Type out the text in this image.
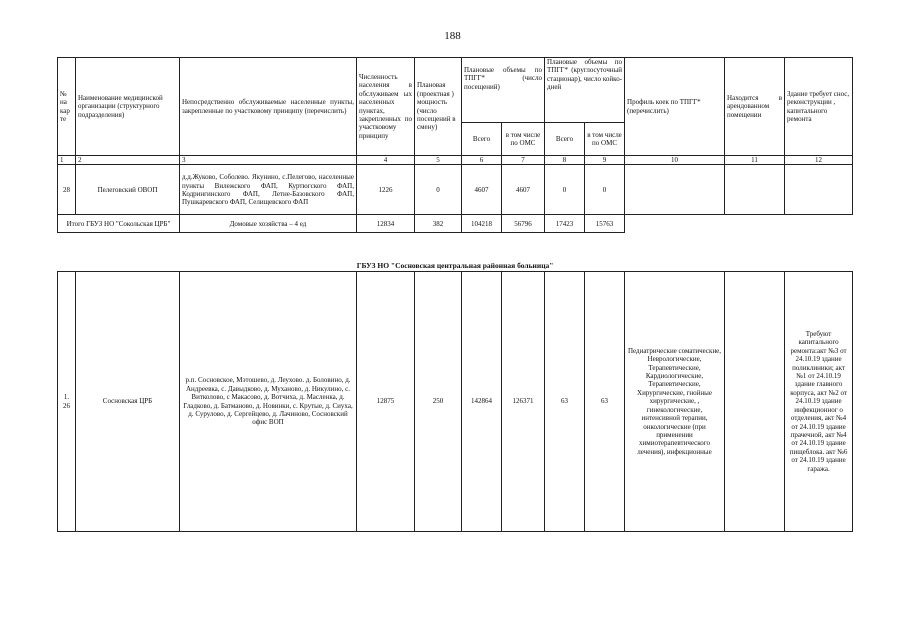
188
№ на кар те	Наименование медицинской организации (структурного подразделения)	Непосредственно обслуживаемые населенные пункты, закрепленные по участковому принципу (перечислить)	Численность населения в обслуживаем ых населенных пунктах, закрепленных по участковому принципу	Плановая (проектная ) мощность (число посещений в смену)	Плановые объемы по ТПГГ* (число посещений)		Плановые объемы по ТПГГ* (круглосуточный стационар), число койко-дней		Профиль коек по ТПГГ* (перечислить)	Находится в арендованном помещении	Здание требует снос, реконструкции , капитального ремонта
					Всего	в том числе по ОМС	Всего	в том числе по ОМС			
1	2	3	4	5	6	7	8	9	10	11	12
28	Пелеговский ОВОП	д.д.Жуково, Соболево. Якунино, с.Пелегово, населенные пункты Вилежского ФАП, Куртюгского ФАП, Кодрингинского ФАП, Летне-Базовского ФАП, Пушкаревского ФАП, Селищевского ФАП	1226	0	4607	4607	0	0			
Итого ГБУЗ НО "Сокольская ЦРБ"		Домовые хозяйства – 4 ед	12834	382	104218	56796	17423	15763			
ГБУЗ НО "Сосновская центральная районная больница"
1. 26	Сосновская ЦРБ	р.п. Сосновское, Мэтошево, д. Леухово. д. Боловино, д. Андреевка, с. Давыдково, д. Муханово, д. Никулино, с. Витколово, с Макасово, д. Вотчиха, д. Масленка, д. Гладково, д. Батманово, д. Новинки, с. Крутые, д. Сиуха, д. Сурулово, д. Сергейцево, д. Лачиново, Сосновский офис ВОП	12875	250	142864	126371	63	63	Педиатрические соматические, Неврологические, Терапевтические, Кардиологические, Терапевтические, Хирургические, гнойные хирургические, , гинекологические, интенсивной терапии, онкологические (при применении химиотерапевтического лечения), инфекционные		Требуют капитального ремонта:акт №3 от 24.10.19 здание поликлиники; акт №1 от 24.10.19 здание главного корпуса, акт №2 от 24.10.19 здание инфекционног о отделения, акт №4 от 24.10.19 здание прачечной, акт №4 от 24.10.19 здание пищеблока. акт №6 от 24.10.19 здание гаража.
